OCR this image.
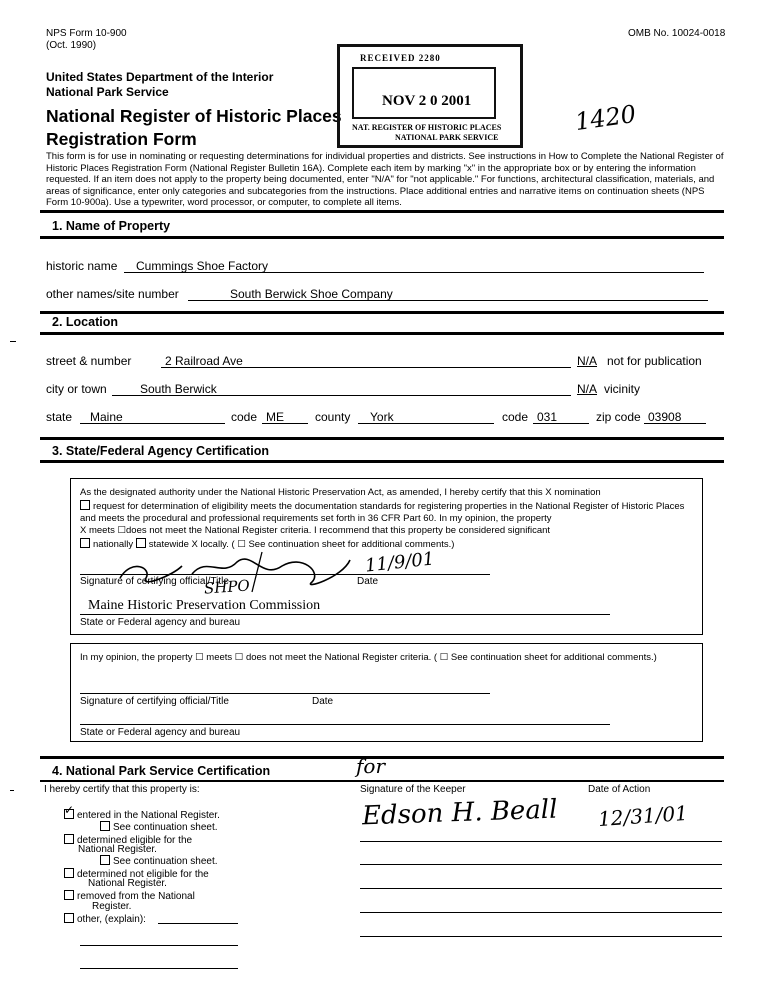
NPS Form 10-900
(Oct. 1990)
OMB No. 10024-0018
United States Department of the Interior
National Park Service
National Register of Historic Places
Registration Form
1420
RECEIVED 2280
NOV 2 0 2001
NAT. REGISTER OF HISTORIC PLACES
NATIONAL PARK SERVICE
This form is for use in nominating or requesting determinations for individual properties and districts. See instructions in How to Complete the National Register of Historic Places Registration Form (National Register Bulletin 16A). Complete each item by marking "x" in the appropriate box or by entering the information requested. If an item does not apply to the property being documented, enter "N/A" for "not applicable." For functions, architectural classification, materials, and areas of significance, enter only categories and subcategories from the instructions. Place additional entries and narrative items on continuation sheets (NPS Form 10-900a). Use a typewriter, word processor, or computer, to complete all items.
1. Name of Property
historic name Cummings Shoe Factory
other names/site number	South Berwick Shoe Company
2. Location
street & number	2 Railroad Ave	N/A not for publication
city or town	South Berwick	N/A vicinity
state Maine	code ME	county York	code 031	zip code 03908
3. State/Federal Agency Certification
As the designated authority under the National Historic Preservation Act, as amended, I hereby certify that this X nomination
request for determination of eligibility meets the documentation standards for registering properties in the National Register of Historic Places and meets the procedural and professional requirements set forth in 36 CFR Part 60. In my opinion, the property
X meets ☐does not meet the National Register criteria. I recommend that this property be considered significant
nationally statewide X locally. ( ☐ See continuation sheet for additional comments.)
11/9/01
Signature of certifying official/Title	Date
SHPO
Maine Historic Preservation Commission
State or Federal agency and bureau
In my opinion, the property ☐ meets ☐ does not meet the National Register criteria. ( ☐ See continuation sheet for additional comments.)
Signature of certifying official/Title	Date
State or Federal agency and bureau
4. National Park Service Certification
I hereby certify that this property is:	Signature of the Keeper	Date of Action
for
Edson H. Beall 12/31/01
✓ entered in the National Register.
See continuation sheet.
determined eligible for the
National Register.
See continuation sheet.
determined not eligible for the
National Register.
removed from the National
Register.
other, (explain):
